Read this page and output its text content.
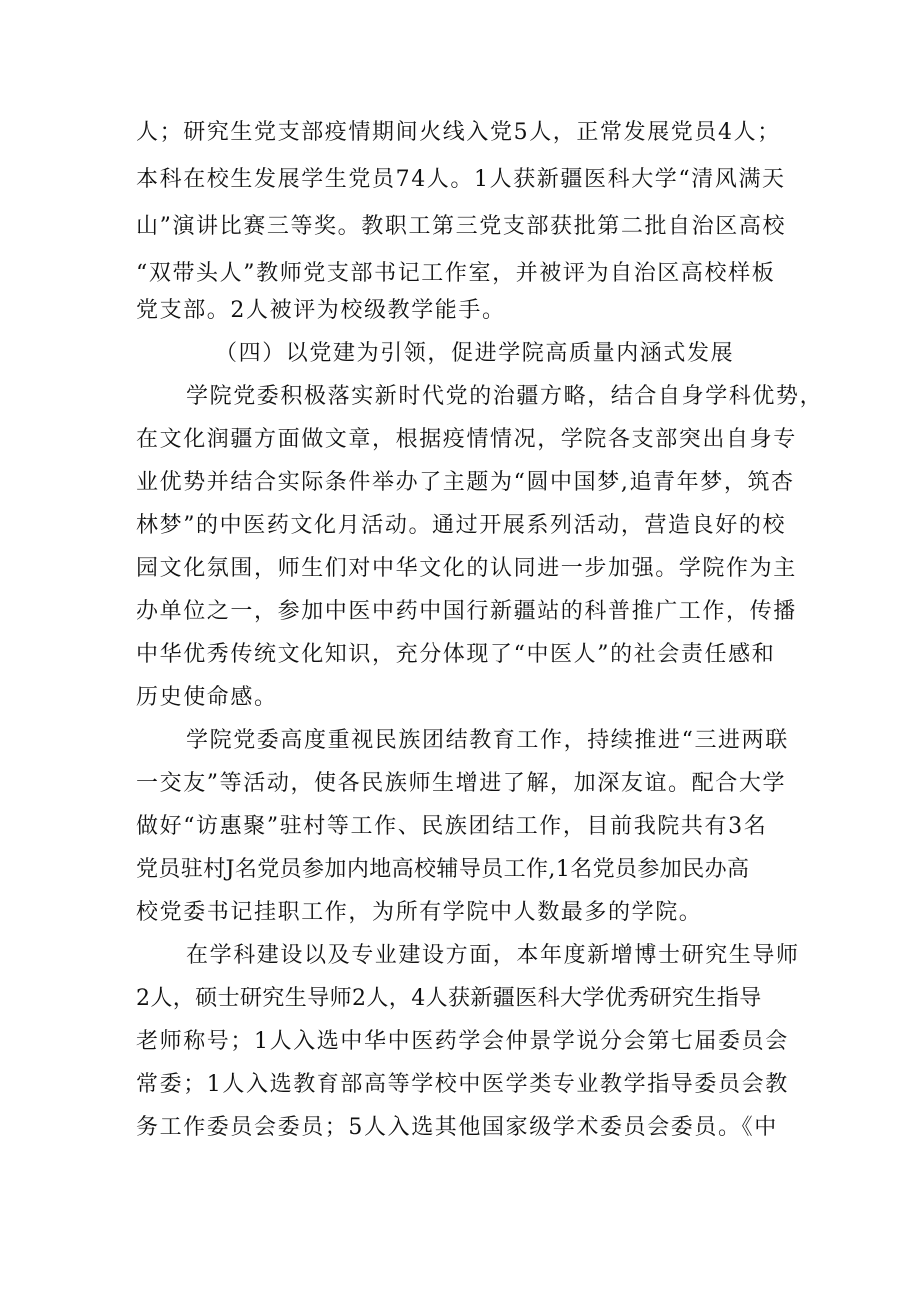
人；研究生党支部疫情期间火线入党5人，正常发展党员4人；
本科在校生发展学生党员74人。1人获新疆医科大学“清风满天
山”演讲比赛三等奖。教职工第三党支部获批第二批自治区高校
“双带头人”教师党支部书记工作室，并被评为自治区高校样板
党支部。2人被评为校级教学能手。
（四）以党建为引领，促进学院高质量内涵式发展
学院党委积极落实新时代党的治疆方略，结合自身学科优势，
在文化润疆方面做文章，根据疫情情况，学院各支部突出自身专
业优势并结合实际条件举办了主题为“圆中国梦,追青年梦，筑杏
林梦”的中医药文化月活动。通过开展系列活动，营造良好的校
园文化氛围，师生们对中华文化的认同进一步加强。学院作为主
办单位之一，参加中医中药中国行新疆站的科普推广工作，传播
中华优秀传统文化知识，充分体现了“中医人”的社会责任感和
历史使命感。
学院党委高度重视民族团结教育工作，持续推进“三进两联
一交友”等活动，使各民族师生增进了解，加深友谊。配合大学
做好“访惠聚”驻村等工作、民族团结工作，目前我院共有3名
党员驻村J名党员参加内地高校辅导员工作,1名党员参加民办高
校党委书记挂职工作，为所有学院中人数最多的学院。
在学科建设以及专业建设方面，本年度新增博士研究生导师
2人，硕士研究生导师2人，4人获新疆医科大学优秀研究生指导
老师称号；1人入选中华中医药学会仲景学说分会第七届委员会
常委；1人入选教育部高等学校中医学类专业教学指导委员会教
务工作委员会委员；5人入选其他国家级学术委员会委员。《中
